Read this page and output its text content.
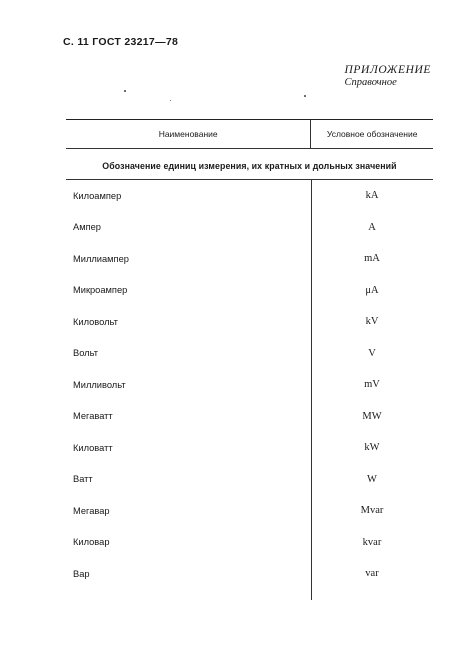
С. 11 ГОСТ 23217—78
ПРИЛОЖЕНИЕ
Справочное
Наименование	Условное обозначение
Обозначение единиц измерения, их кратных и дольных значений
Килоампер	kA
Ампер	A
Миллиампер	mA
Микроампер	μA
Киловольт	kV
Вольт	V
Милливольт	mV
Мегаватт	MW
Киловатт	kW
Ватт	W
Мегавар	Mvar
Киловар	kvar
Вар	var
